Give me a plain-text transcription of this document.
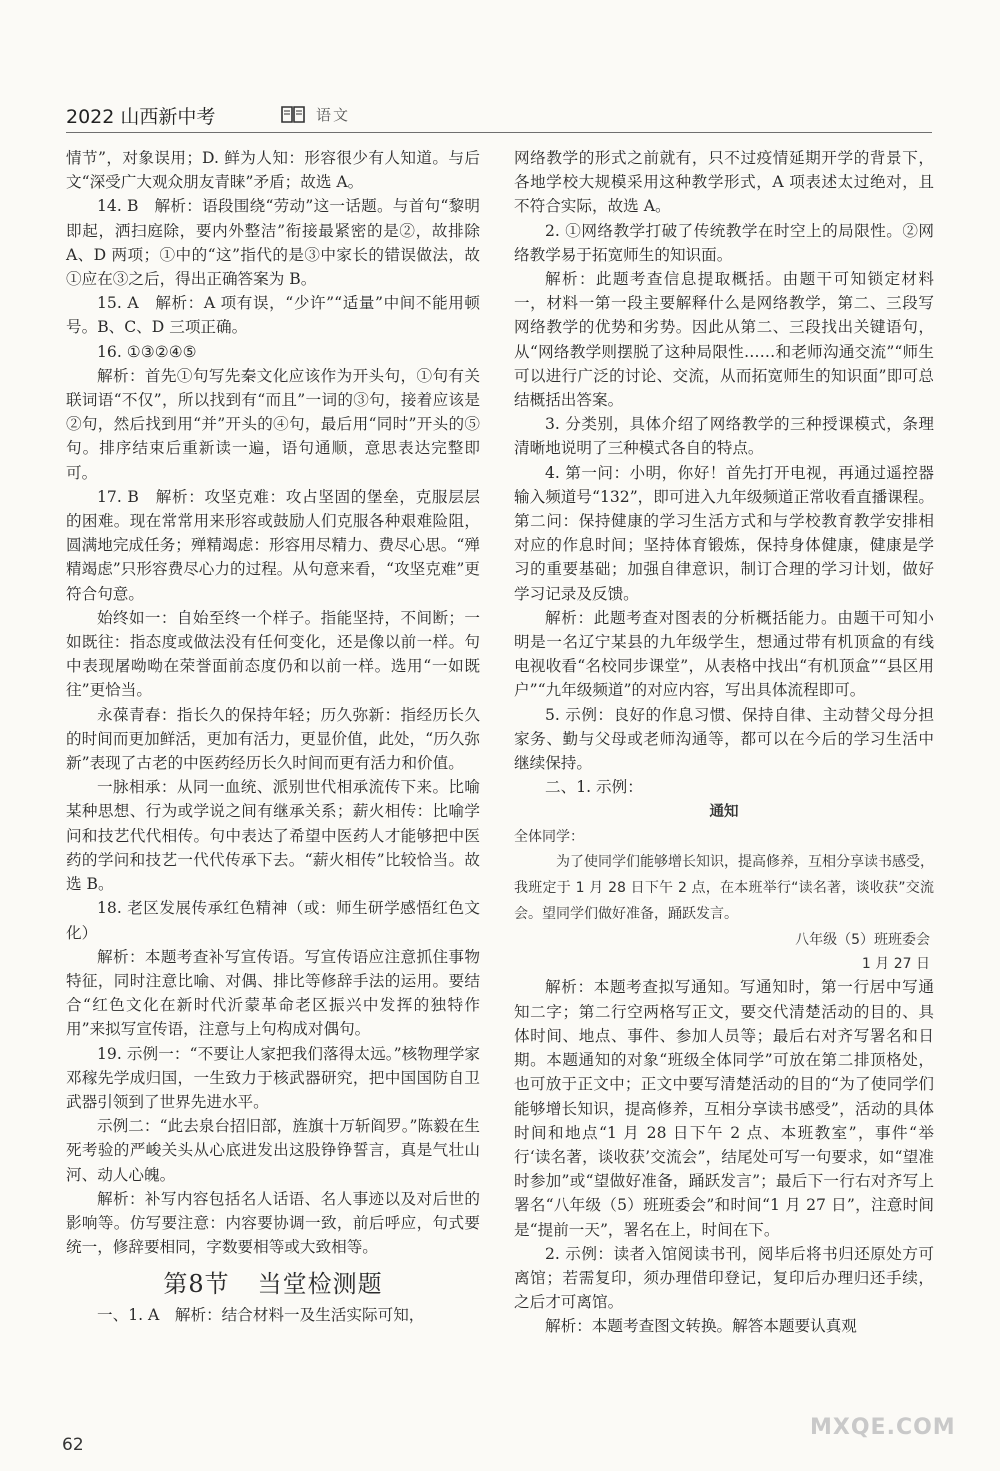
2022 山西新中考	语文

情节”，对象误用；D. 鲜为人知：形容很少有人知道。与后文“深受广大观众朋友青睐”矛盾；故选 A。

14. B　解析：语段围绕“劳动”这一话题。与首句“黎明即起，洒扫庭除，要内外整洁”衔接最紧密的是②，故排除 A、D 两项；①中的“这”指代的是③中家长的错误做法，故①应在③之后，得出正确答案为 B。

15. A　解析：A 项有误，“少许”“适量”中间不能用顿号。B、C、D 三项正确。

16. ①③②④⑤

解析：首先①句写先秦文化应该作为开头句，①句有关联词语“不仅”，所以找到有“而且”一词的③句，接着应该是②句，然后找到用“并”开头的④句，最后用“同时”开头的⑤句。排序结束后重新读一遍，语句通顺，意思表达完整即可。

17. B　解析：攻坚克难：攻占坚固的堡垒，克服层层的困难。现在常常用来形容或鼓励人们克服各种艰难险阻，圆满地完成任务；殚精竭虑：形容用尽精力、费尽心思。“殚精竭虑”只形容费尽心力的过程。从句意来看，“攻坚克难”更符合句意。

始终如一：自始至终一个样子。指能坚持，不间断；一如既往：指态度或做法没有任何变化，还是像以前一样。句中表现屠呦呦在荣誉面前态度仍和以前一样。选用“一如既往”更恰当。

永葆青春：指长久的保持年轻；历久弥新：指经历长久的时间而更加鲜活，更加有活力，更显价值，此处，“历久弥新”表现了古老的中医药经历长久时间而更有活力和价值。

一脉相承：从同一血统、派别世代相承流传下来。比喻某种思想、行为或学说之间有继承关系；薪火相传：比喻学问和技艺代代相传。句中表达了希望中医药人才能够把中医药的学问和技艺一代代传承下去。“薪火相传”比较恰当。故选 B。

18. 老区发展传承红色精神（或：师生研学感悟红色文化）

解析：本题考查补写宣传语。写宣传语应注意抓住事物特征，同时注意比喻、对偶、排比等修辞手法的运用。要结合“红色文化在新时代沂蒙革命老区振兴中发挥的独特作用”来拟写宣传语，注意与上句构成对偶句。

19. 示例一：“不要让人家把我们落得太远。”核物理学家邓稼先学成归国，一生致力于核武器研究，把中国国防自卫武器引领到了世界先进水平。

示例二：“此去泉台招旧部，旌旗十万斩阎罗。”陈毅在生死考验的严峻关头从心底进发出这股铮铮誓言，真是气壮山河、动人心魄。

解析：补写内容包括名人话语、名人事迹以及对后世的影响等。仿写要注意：内容要协调一致，前后呼应，句式要统一，修辞要相同，字数要相等或大致相等。

第8节 当堂检测题

一、1. A　解析：结合材料一及生活实际可知，

网络教学的形式之前就有，只不过疫情延期开学的背景下，各地学校大规模采用这种教学形式，A 项表述太过绝对，且不符合实际，故选 A。

2. ①网络教学打破了传统教学在时空上的局限性。②网络教学易于拓宽师生的知识面。

解析：此题考查信息提取概括。由题干可知锁定材料一，材料一第一段主要解释什么是网络教学，第二、三段写网络教学的优势和劣势。因此从第二、三段找出关键语句，从“网络教学则摆脱了这种局限性……和老师沟通交流”“师生可以进行广泛的讨论、交流，从而拓宽师生的知识面”即可总结概括出答案。

3. 分类别，具体介绍了网络教学的三种授课模式，条理清晰地说明了三种模式各自的特点。

4. 第一问：小明，你好！首先打开电视，再通过遥控器输入频道号“132”，即可进入九年级频道正常收看直播课程。第二问：保持健康的学习生活方式和与学校教育教学安排相对应的作息时间；坚持体育锻炼，保持身体健康，健康是学习的重要基础；加强自律意识，制订合理的学习计划，做好学习记录及反馈。

解析：此题考查对图表的分析概括能力。由题干可知小明是一名辽宁某县的九年级学生，想通过带有机顶盒的有线电视收看“名校同步课堂”，从表格中找出“有机顶盒”“县区用户”“九年级频道”的对应内容，写出具体流程即可。

5. 示例：良好的作息习惯、保持自律、主动替父母分担家务、勤与父母或老师沟通等，都可以在今后的学习生活中继续保持。

二、1. 示例：

通知
全体同学：

为了使同学们能够增长知识，提高修养，互相分享读书感受，我班定于 1 月 28 日下午 2 点，在本班举行“读名著，谈收获”交流会。望同学们做好准备，踊跃发言。

八年级（5）班班委会
1 月 27 日

解析：本题考查拟写通知。写通知时，第一行居中写通知二字；第二行空两格写正文，要交代清楚活动的目的、具体时间、地点、事件、参加人员等；最后右对齐写署名和日期。本题通知的对象“班级全体同学”可放在第二排顶格处，也可放于正文中；正文中要写清楚活动的目的“为了使同学们能够增长知识，提高修养，互相分享读书感受”，活动的具体时间和地点“1 月 28 日下午 2 点、本班教室”，事件“举行‘读名著，谈收获’交流会”，结尾处可写一句要求，如“望准时参加”或“望做好准备，踊跃发言”；最后下一行右对齐写上署名“八年级（5）班班委会”和时间“1 月 27 日”，注意时间是“提前一天”，署名在上，时间在下。

2. 示例：读者入馆阅读书刊，阅毕后将书归还原处方可离馆；若需复印，须办理借印登记，复印后办理归还手续，之后才可离馆。

解析：本题考查图文转换。解答本题要认真观

62
MXQE.COM
